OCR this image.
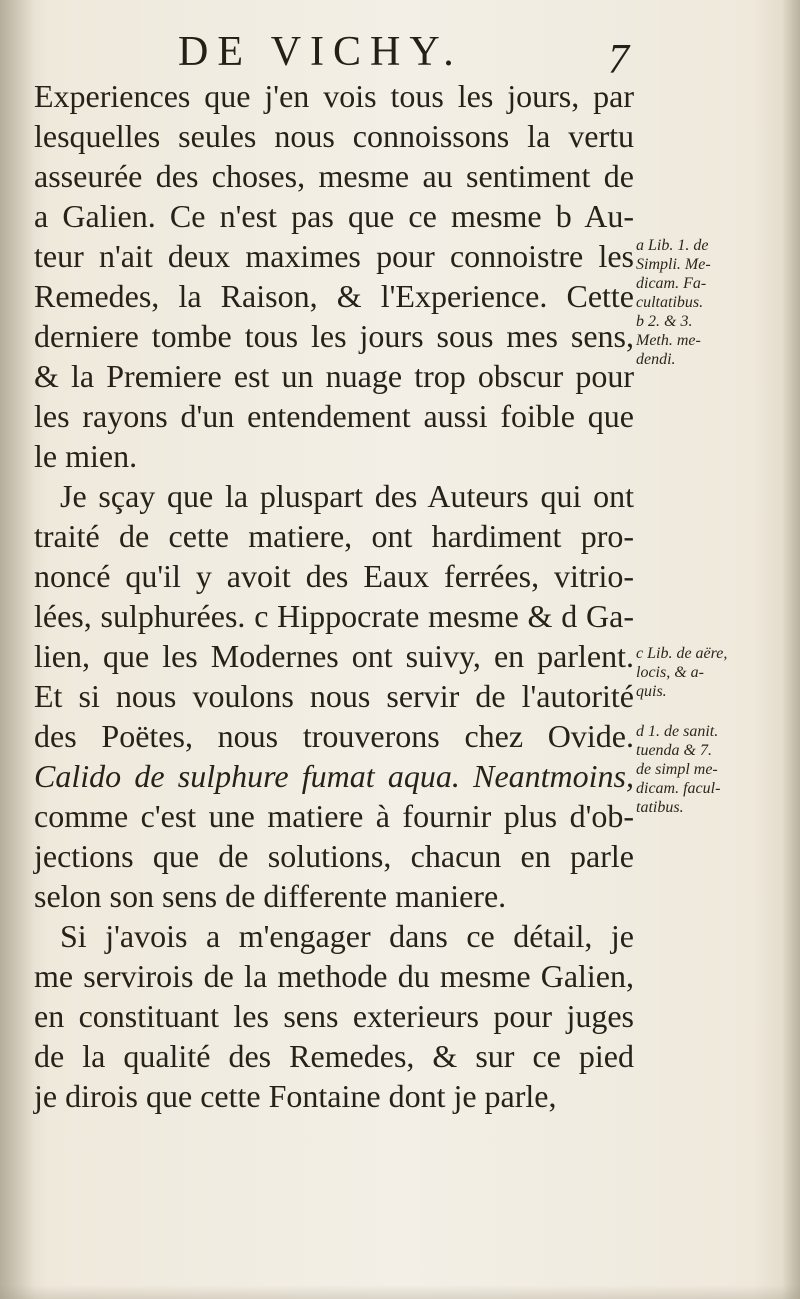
DE VICHY.	7
Experiences que j'en vois tous les jours, par
lesquelles seules nous connoissons la vertu
asseurée des choses, mesme au sentiment de
a Galien. Ce n'est pas que ce mesme b Au-
teur n'ait deux maximes pour connoistre les
Remedes, la Raison, & l'Experience. Cette
derniere tombe tous les jours sous mes sens,
& la Premiere est un nuage trop obscur pour
les rayons d'un entendement aussi foible que
le mien.
Je sçay que la pluspart des Auteurs qui ont
traité de cette matiere, ont hardiment pro-
noncé qu'il y avoit des Eaux ferrées, vitrio-
lées, sulphurées. c Hippocrate mesme & d Ga-
lien, que les Modernes ont suivy, en parlent.
Et si nous voulons nous servir de l'autorité
des Poëtes, nous trouverons chez Ovide.
Calido de sulphure fumat aqua. Neantmoins,
comme c'est une matiere à fournir plus d'ob-
jections que de solutions, chacun en parle
selon son sens de differente maniere.
Si j'avois a m'engager dans ce détail, je
me servirois de la methode du mesme Galien,
en constituant les sens exterieurs pour juges
de la qualité des Remedes, & sur ce pied
je dirois que cette Fontaine dont je parle,
a Lib. 1. de
Simpli. Me-
dicam. Fa-
cultatibus.
b 2. & 3.
Meth. me-
dendi.
c Lib. de aëre,
locis, & a-
quis.
d 1. de sanit.
tuenda & 7.
de simpl me-
dicam. facul-
tatibus.
